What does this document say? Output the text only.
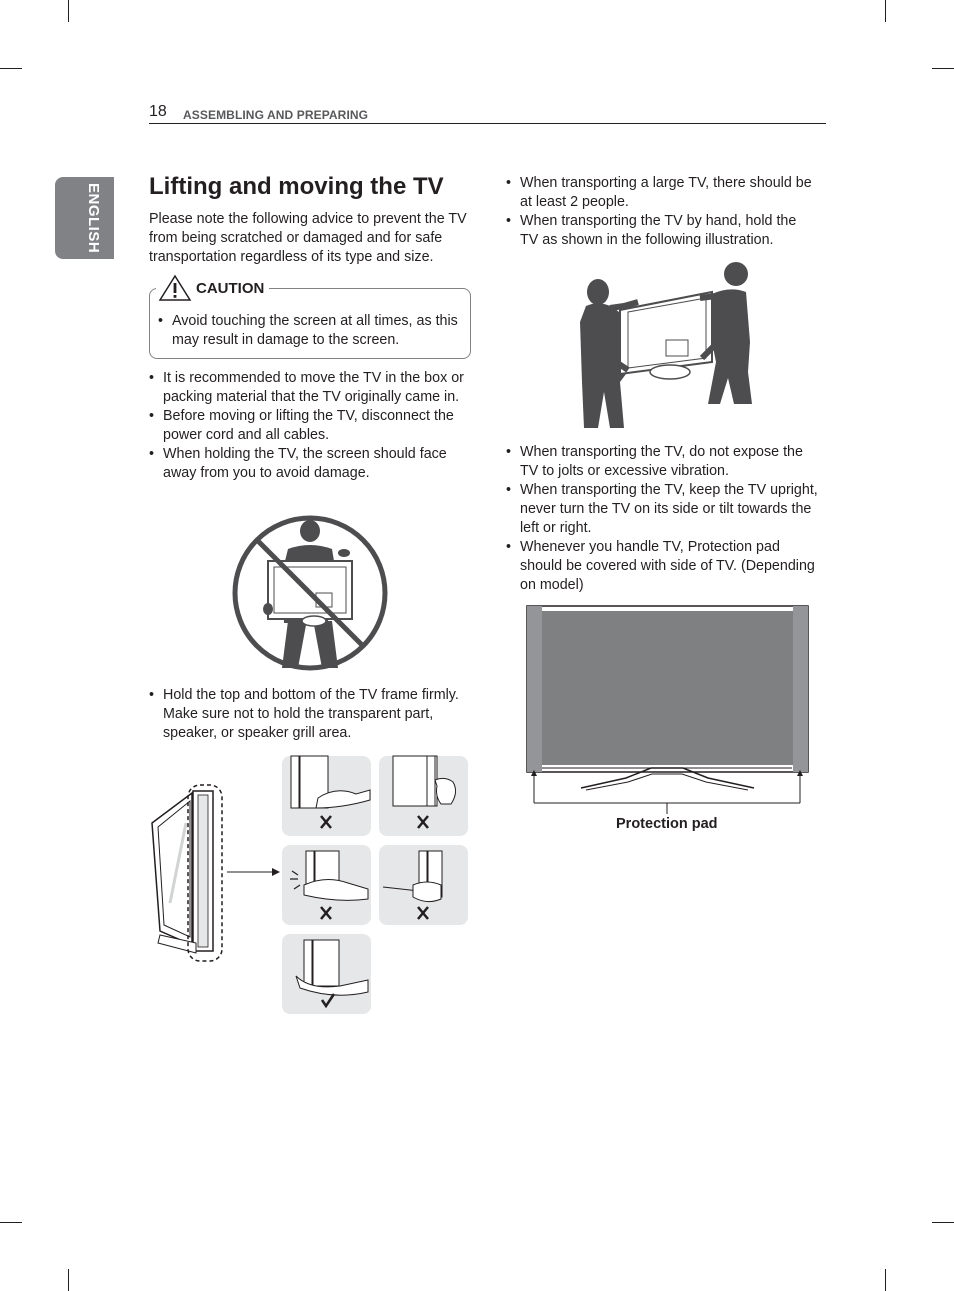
18 ASSEMBLING AND PREPARING
ENGLISH Lifting and moving the TV

Please note the following advice to prevent the TV from being scratched or damaged and for safe transportation regardless of its type and size.

CAUTION
• Avoid touching the screen at all times, as this may result in damage to the screen.
• It is recommended to move the TV in the box or packing material that the TV originally came in.
• Before moving or lifting the TV, disconnect the power cord and all cables.
• When holding the TV, the screen should face away from you to avoid damage.
• Hold the top and bottom of the TV frame firmly. Make sure not to hold the transparent part, speaker, or speaker grill area.
• When transporting a large TV, there should be at least 2 people.
• When transporting the TV by hand, hold the TV as shown in the following illustration.
• When transporting the TV, do not expose the TV to jolts or excessive vibration.
• When transporting the TV, keep the TV upright, never turn the TV on its side or tilt towards the left or right.
• Whenever you handle TV, Protection pad should be covered with side of TV. (Depending on model)
Protection pad
